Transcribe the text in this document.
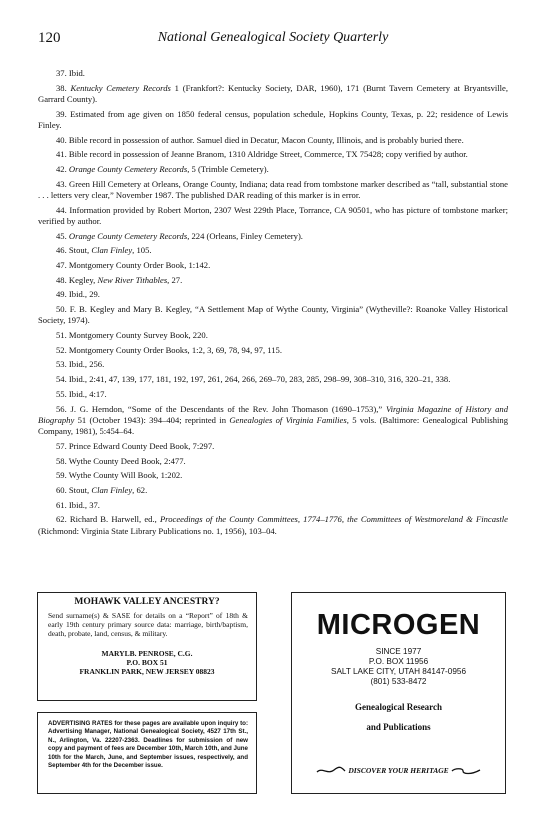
120	National Genealogical Society Quarterly

37. Ibid.

38. Kentucky Cemetery Records 1 (Frankfort?: Kentucky Society, DAR, 1960), 171 (Burnt Tavern Cemetery at Bryantsville, Garrard County).

39. Estimated from age given on 1850 federal census, population schedule, Hopkins County, Texas, p. 22; residence of Lewis Finley.

40. Bible record in possession of author. Samuel died in Decatur, Macon County, Illinois, and is probably buried there.

41. Bible record in possession of Jeanne Branom, 1310 Aldridge Street, Commerce, TX 75428; copy verified by author.

42. Orange County Cemetery Records, 5 (Trimble Cemetery).

43. Green Hill Cemetery at Orleans, Orange County, Indiana; data read from tombstone marker described as “tall, substantial stone . . . letters very clear,” November 1987. The published DAR reading of this marker is in error.

44. Information provided by Robert Morton, 2307 West 229th Place, Torrance, CA 90501, who has picture of tombstone marker; verified by author.

45. Orange County Cemetery Records, 224 (Orleans, Finley Cemetery).

46. Stout, Clan Finley, 105.

47. Montgomery County Order Book, 1:142.

48. Kegley, New River Tithables, 27.

49. Ibid., 29.

50. F. B. Kegley and Mary B. Kegley, “A Settlement Map of Wythe County, Virginia” (Wytheville?: Roanoke Valley Historical Society, 1974).

51. Montgomery County Survey Book, 220.

52. Montgomery County Order Books, 1:2, 3, 69, 78, 94, 97, 115.

53. Ibid., 256.

54. Ibid., 2:41, 47, 139, 177, 181, 192, 197, 261, 264, 266, 269–70, 283, 285, 298–99, 308–310, 316, 320–21, 338.

55. Ibid., 4:17.

56. J. G. Herndon, “Some of the Descendants of the Rev. John Thomason (1690–1753),” Virginia Magazine of History and Biography 51 (October 1943): 394–404; reprinted in Genealogies of Virginia Families, 5 vols. (Baltimore: Genealogical Publishing Company, 1981), 5:454–64.

57. Prince Edward County Deed Book, 7:297.

58. Wythe County Deed Book, 2:477.

59. Wythe County Will Book, 1:202.

60. Stout, Clan Finley, 62.

61. Ibid., 37.

62. Richard B. Harwell, ed., Proceedings of the County Committees, 1774–1776, the Committees of Westmoreland & Fincastle (Richmond: Virginia State Library Publications no. 1, 1956), 103–04.

MOHAWK VALLEY ANCESTRY?
Send surname(s) & SASE for details on a “Report” of 18th & early 19th century primary source data: marriage, birth/baptism, death, probate, land, census, & military.
MARYLB. PENROSE, C.G.
P.O. BOX 51
FRANKLIN PARK, NEW JERSEY 08823
ADVERTISING RATES for these pages are available upon inquiry to: Advertising Manager, National Genealogical Society, 4527 17th St., N., Arlington, Va. 22207-2363. Deadlines for submission of new copy and payment of fees are December 10th, March 10th, and June 10th for the March, June, and September issues, respectively, and September 4th for the December issue.
MICROGEN
SINCE 1977
P.O. BOX 11956
SALT LAKE CITY, UTAH 84147-0956
(801) 533-8472
Genealogical Research
and Publications
DISCOVER YOUR HERITAGE
